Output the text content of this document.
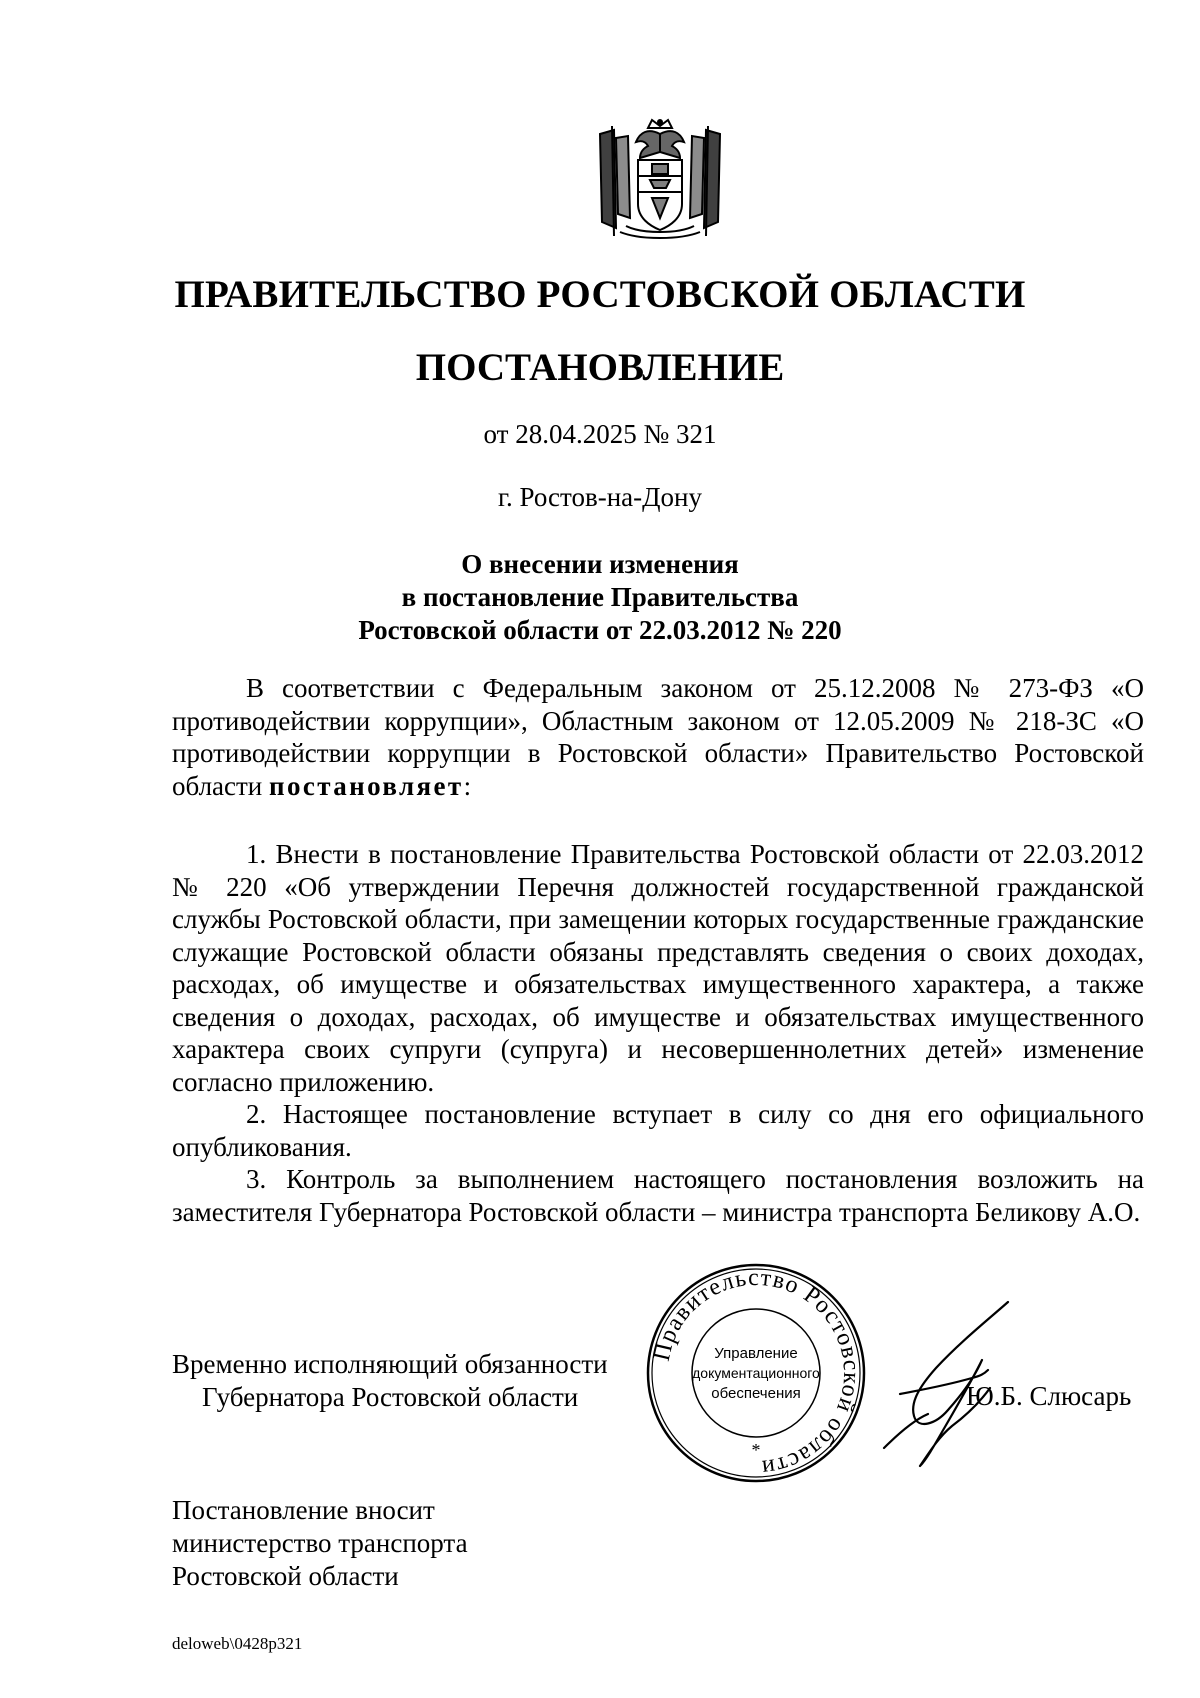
ПРАВИТЕЛЬСТВО РОСТОВСКОЙ ОБЛАСТИ
ПОСТАНОВЛЕНИЕ
от 28.04.2025 № 321
г. Ростов-на-Дону
О внесении изменения
в постановление Правительства
Ростовской области от 22.03.2012 № 220

В соответствии с Федеральным законом от 25.12.2008 № 273-ФЗ «О противодействии коррупции», Областным законом от 12.05.2009 № 218-ЗС «О противодействии коррупции в Ростовской области» Правительство Ростовской области постановляет:

1. Внести в постановление Правительства Ростовской области от 22.03.2012 № 220 «Об утверждении Перечня должностей государственной гражданской службы Ростовской области, при замещении которых государственные гражданские служащие Ростовской области обязаны представлять сведения о своих доходах, расходах, об имуществе и обязательствах имущественного характера, а также сведения о доходах, расходах, об имуществе и обязательствах имущественного характера своих супруги (супруга) и несовершеннолетних детей» изменение согласно приложению.

2. Настоящее постановление вступает в силу со дня его официального опубликования.

3. Контроль за выполнением настоящего постановления возложить на заместителя Губернатора Ростовской области – министра транспорта Беликову А.О.

Временно исполняющий обязанности
Губернатора Ростовской области
Правительство Ростовской области
Управление
документационного
обеспечения
*
Ю.Б. Слюсарь
Постановление вносит
министерство транспорта
Ростовской области
deloweb\0428p321
